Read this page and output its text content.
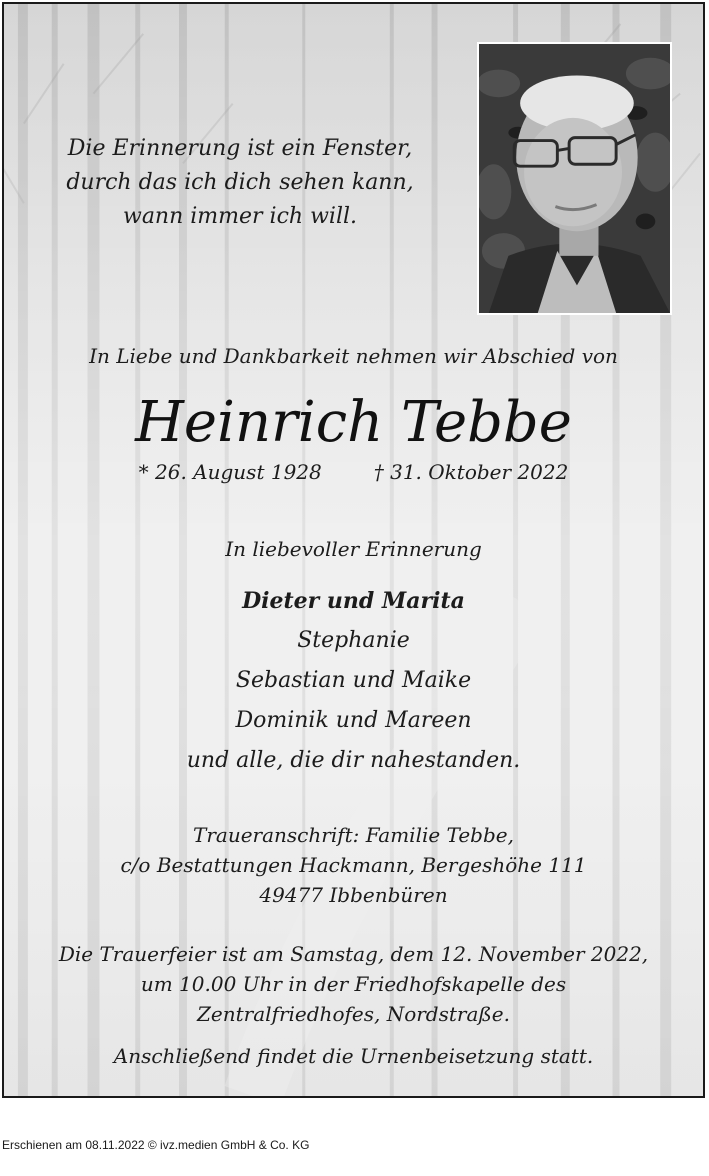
Die Erinnerung ist ein Fenster,
durch das ich dich sehen kann,
wann immer ich will.
In Liebe und Dankbarkeit nehmen wir Abschied von
Heinrich Tebbe
* 26. August 1928	† 31. Oktober 2022
In liebevoller Erinnerung
Dieter und Marita
Stephanie
Sebastian und Maike
Dominik und Mareen
und alle, die dir nahestanden.
Traueranschrift: Familie Tebbe,
c/o Bestattungen Hackmann, Bergeshöhe 111
49477 Ibbenbüren
Die Trauerfeier ist am Samstag, dem 12. November 2022,
um 10.00 Uhr in der Friedhofskapelle des
Zentralfriedhofes, Nordstraße.
Anschließend findet die Urnenbeisetzung statt.
Erschienen am 08.11.2022 © ivz.medien GmbH & Co. KG
